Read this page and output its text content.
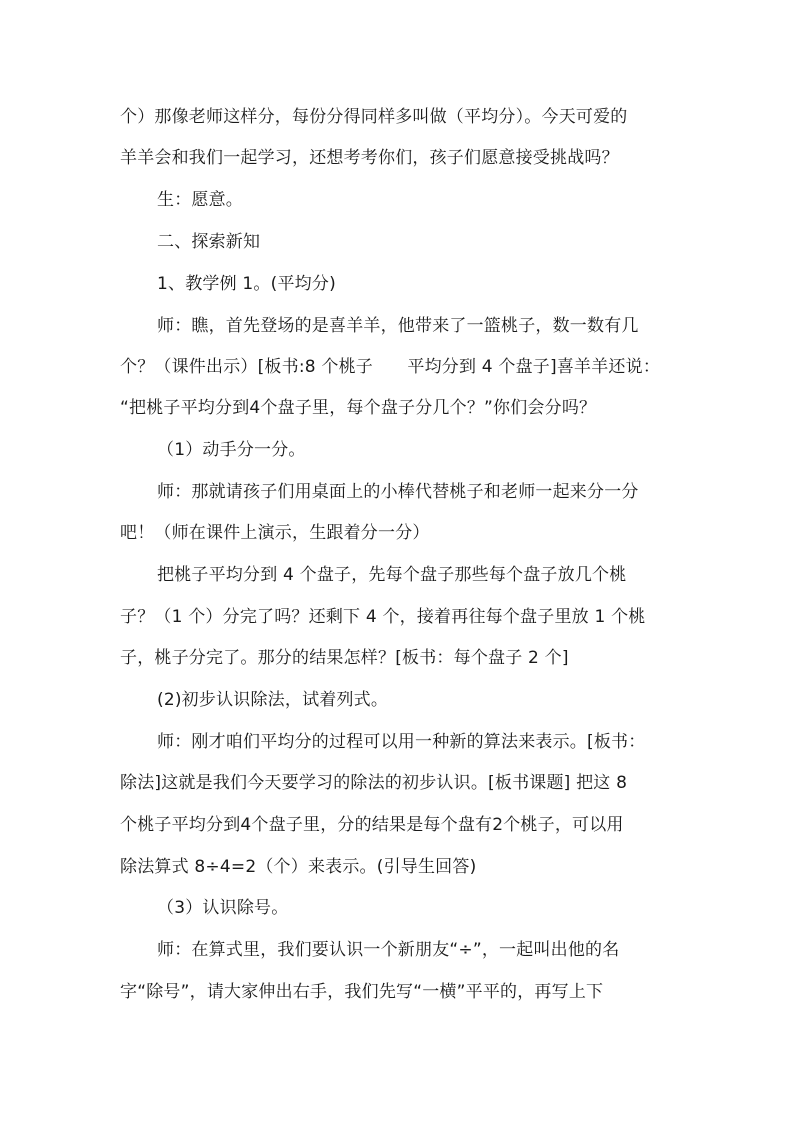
个）那像老师这样分，每份分得同样多叫做（平均分）。今天可爱的
羊羊会和我们一起学习，还想考考你们，孩子们愿意接受挑战吗？
生：愿意。
二、探索新知
1、教学例 1。(平均分)
师：瞧，首先登场的是喜羊羊，他带来了一篮桃子，数一数有几
个？（课件出示）[板书:8 个桃子　　平均分到 4 个盘子]喜羊羊还说：
“把桃子平均分到4个盘子里，每个盘子分几个？”你们会分吗？
（1）动手分一分。
师：那就请孩子们用桌面上的小棒代替桃子和老师一起来分一分
吧！（师在课件上演示，生跟着分一分）
把桃子平均分到 4 个盘子，先每个盘子那些每个盘子放几个桃
子？（1 个）分完了吗？还剩下 4 个，接着再往每个盘子里放 1 个桃
子，桃子分完了。那分的结果怎样？[板书：每个盘子 2 个]
(2)初步认识除法，试着列式。
师：刚才咱们平均分的过程可以用一种新的算法来表示。[板书：
除法]这就是我们今天要学习的除法的初步认识。[板书课题] 把这 8
个桃子平均分到4个盘子里，分的结果是每个盘有2个桃子，可以用
除法算式 8÷4=2（个）来表示。(引导生回答)
（3）认识除号。
师：在算式里，我们要认识一个新朋友“÷”，一起叫出他的名
字“除号”，请大家伸出右手，我们先写“一横”平平的，再写上下
